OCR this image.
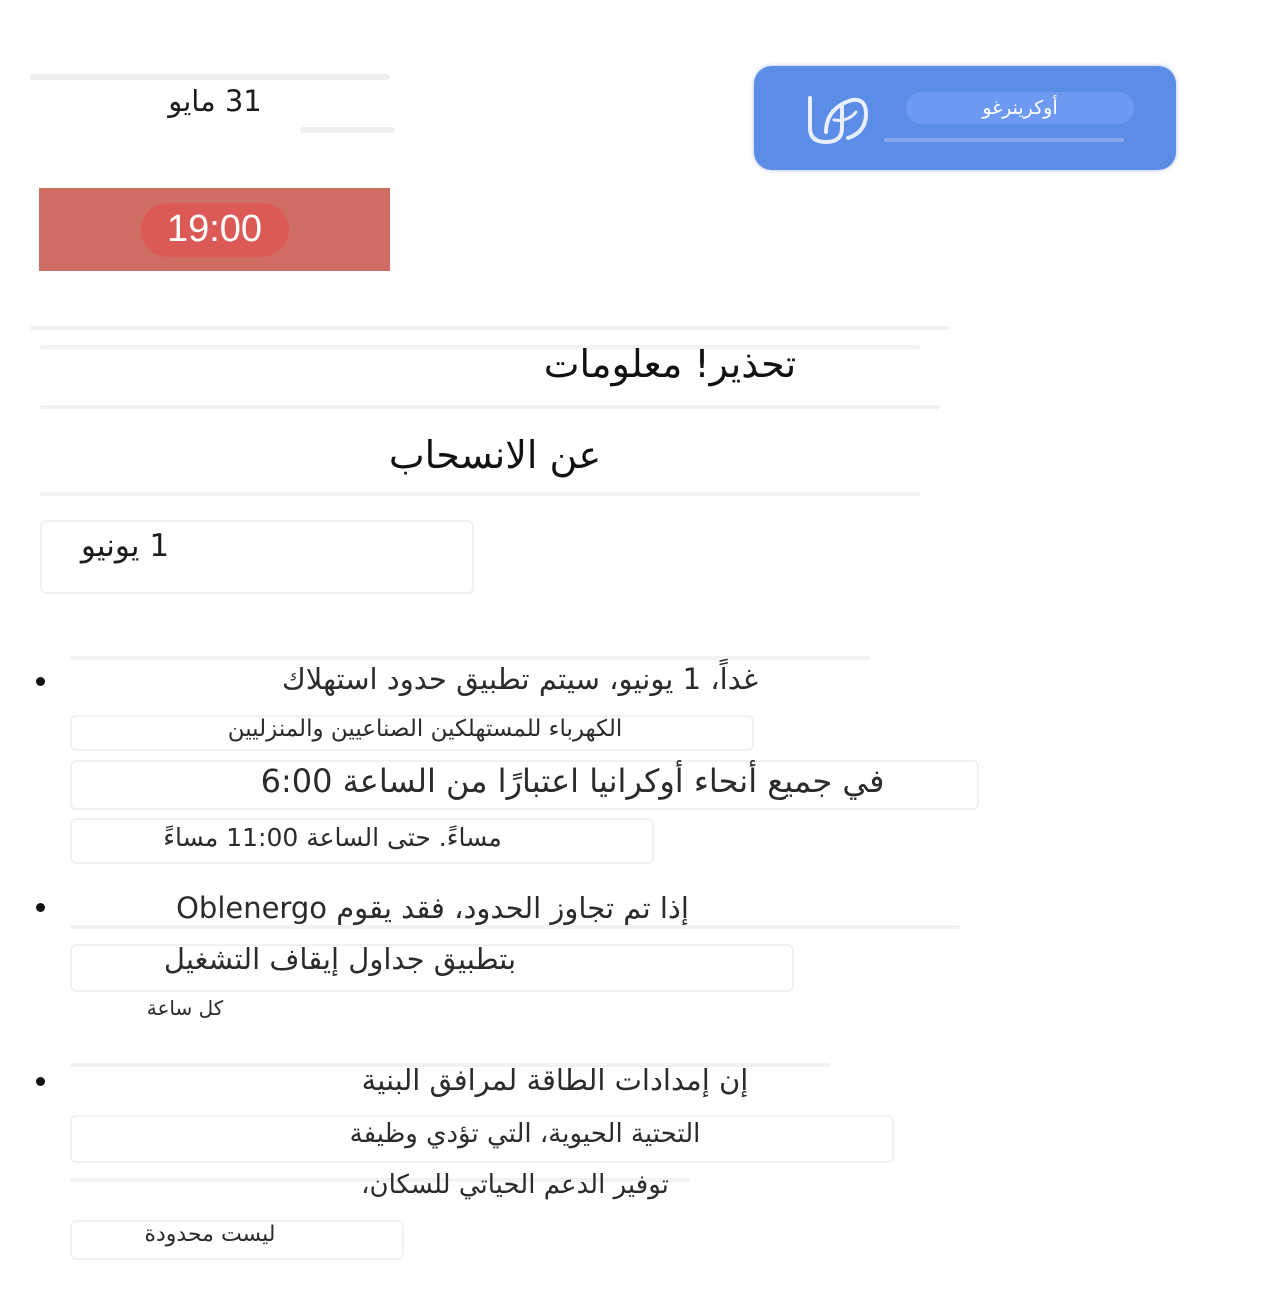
31 مايو
19:00
أوكرينرغو
تحذير! معلومات
عن الانسحاب
1 يونيو
غداً، 1 يونيو، سيتم تطبيق حدود استهلاك
الكهرباء للمستهلكين الصناعيين والمنزليين
في جميع أنحاء أوكرانيا اعتبارًا من الساعة 6:00
مساءً. حتى الساعة 11:00 مساءً
إذا تم تجاوز الحدود، فقد يقوم Oblenergo
بتطبيق جداول إيقاف التشغيل
كل ساعة
إن إمدادات الطاقة لمرافق البنية
التحتية الحيوية، التي تؤدي وظيفة
توفير الدعم الحياتي للسكان،
ليست محدودة
